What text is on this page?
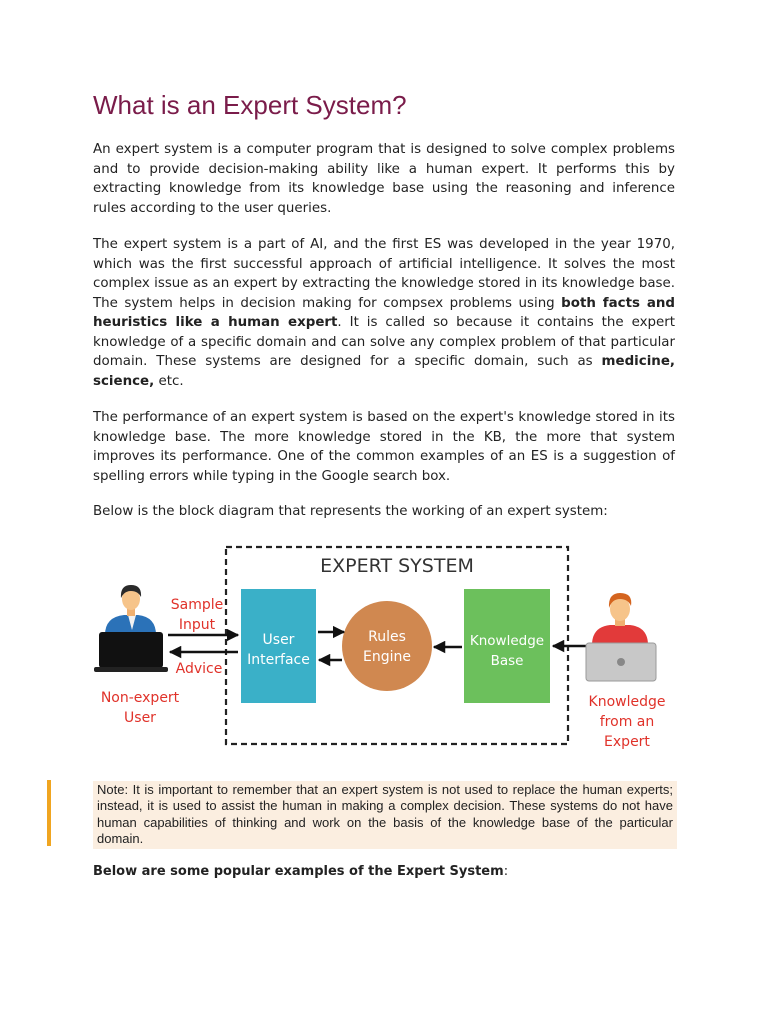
What is an Expert System?

An expert system is a computer program that is designed to solve complex problems and to provide decision-making ability like a human expert. It performs this by extracting knowledge from its knowledge base using the reasoning and inference rules according to the user queries.

The expert system is a part of AI, and the first ES was developed in the year 1970, which was the first successful approach of artificial intelligence. It solves the most complex issue as an expert by extracting the knowledge stored in its knowledge base. The system helps in decision making for compsex problems using both facts and heuristics like a human expert. It is called so because it contains the expert knowledge of a specific domain and can solve any complex problem of that particular domain. These systems are designed for a specific domain, such as medicine, science, etc.

The performance of an expert system is based on the expert's knowledge stored in its knowledge base. The more knowledge stored in the KB, the more that system improves its performance. One of the common examples of an ES is a suggestion of spelling errors while typing in the Google search box.

Below is the block diagram that represents the working of an expert system:

EXPERT SYSTEM
User
Interface
Rules
Engine
Knowledge
Base
Sample
Input
Advice
Non-expert
User
Knowledge
from an
Expert

Note: It is important to remember that an expert system is not used to replace the human experts; instead, it is used to assist the human in making a complex decision. These systems do not have human capabilities of thinking and work on the basis of the knowledge base of the particular domain.

Below are some popular examples of the Expert System:
